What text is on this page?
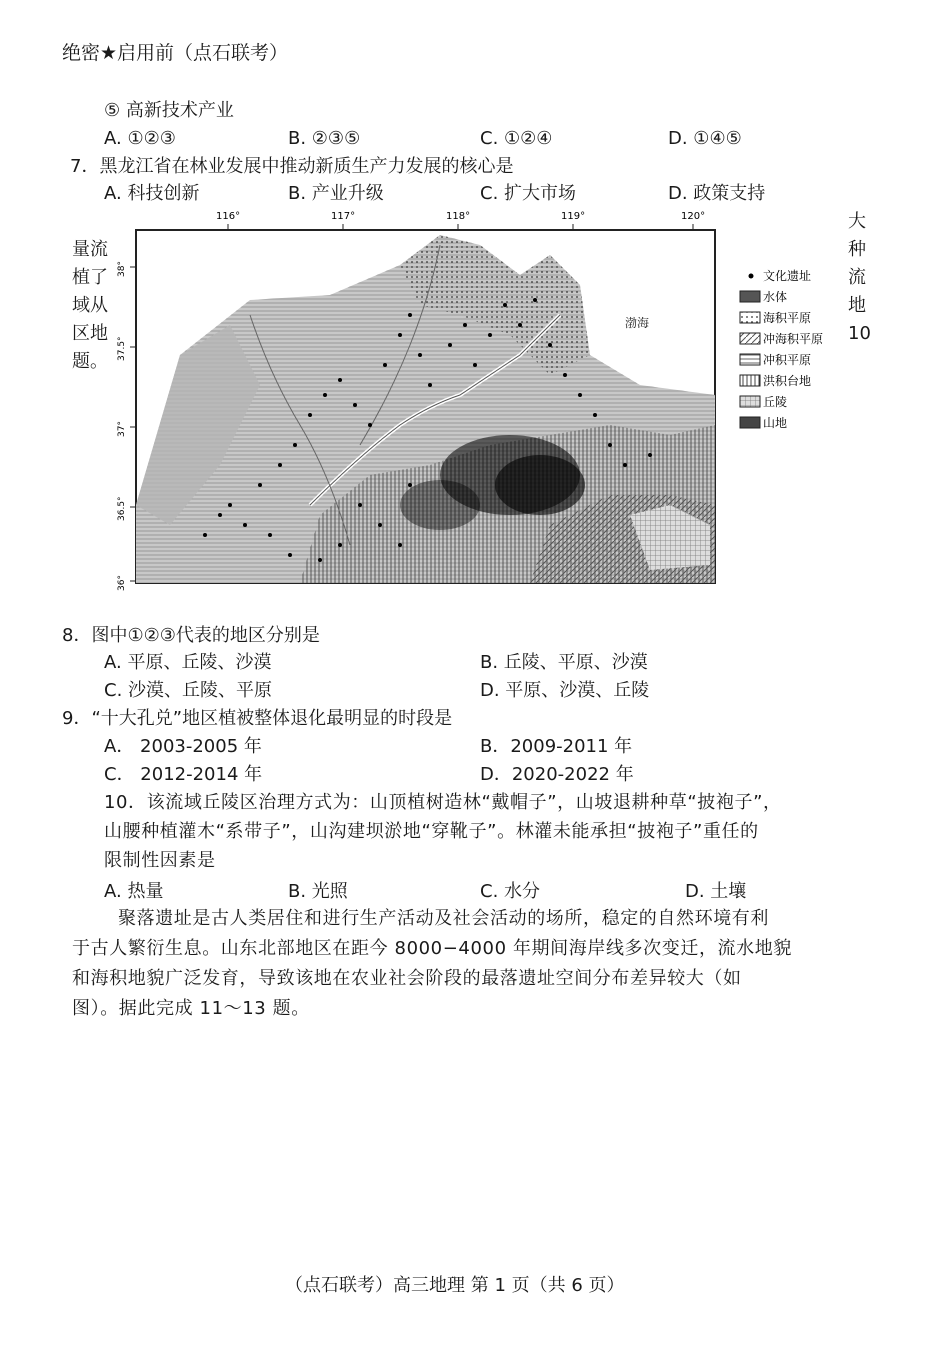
绝密★启用前（点石联考）
⑤ 高新技术产业
A. ①②③	B. ②③⑤	C. ①②④	D. ①④⑤
7．黑龙江省在林业发展中推动新质生产力发展的核心是
A. 科技创新	B. 产业升级	C. 扩大市场	D. 政策支持
量流
植了
域从
区地
题。
大
种
流
地
10
渤海
116°	117°	118°	119°	120°
38°
37.5°
37°
36.5°
36°
文化遗址
水体
海积平原
冲海积平原
冲积平原
洪积台地
丘陵
山地
8．图中①②③代表的地区分别是
A. 平原、丘陵、沙漠	B. 丘陵、平原、沙漠
C. 沙漠、丘陵、平原	D. 平原、沙漠、丘陵
9．“十大孔兑”地区植被整体退化最明显的时段是
A． 2003-2005 年	B．2009-2011 年
C． 2012-2014 年	D．2020-2022 年
10．该流域丘陵区治理方式为：山顶植树造林“戴帽子”，山坡退耕种草“披袍子”，
山腰种植灌木“系带子”，山沟建坝淤地“穿靴子”。林灌未能承担“披袍子”重任的
限制性因素是
A. 热量	B. 光照	C. 水分	D. 土壤
聚落遗址是古人类居住和进行生产活动及社会活动的场所，稳定的自然环境有利
于古人繁衍生息。山东北部地区在距今 8000−4000 年期间海岸线多次变迁，流水地貌
和海积地貌广泛发育，导致该地在农业社会阶段的最落遗址空间分布差异较大（如
图）。据此完成 11～13 题。
（点石联考）高三地理 第 1 页（共 6 页）
